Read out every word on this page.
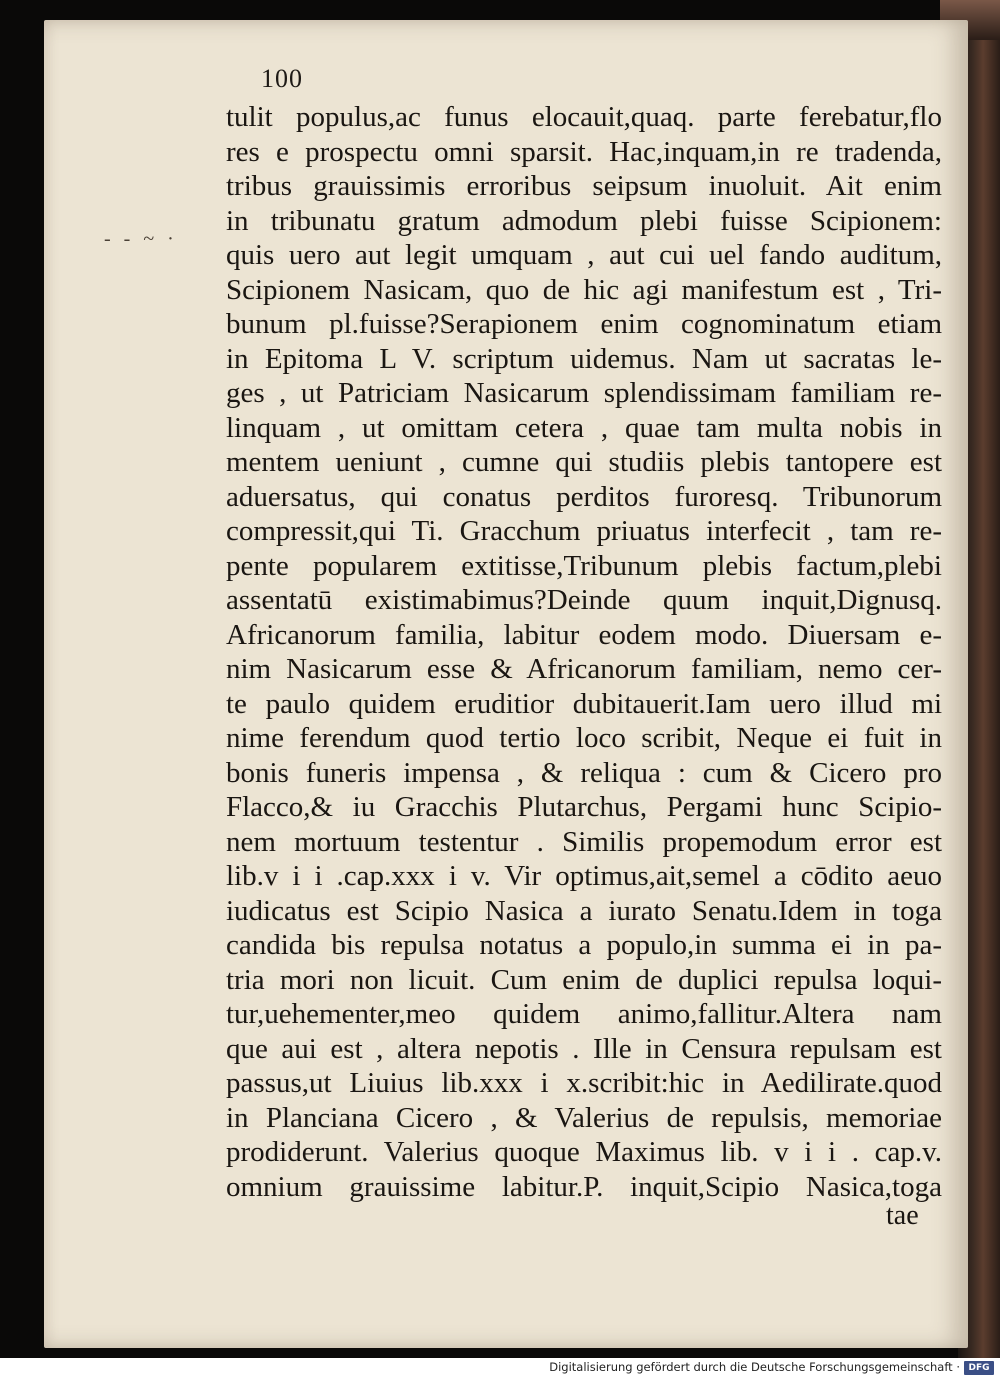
100
- - ~ ·
tulit populus,ac funus elocauit,quaq. parte ferebatur,flo
res e prospectu omni sparsit. Hac,inquam,in re tradenda,
tribus grauissimis erroribus seipsum inuoluit. Ait enim
in tribunatu gratum admodum plebi fuisse Scipionem:
quis uero aut legit umquam , aut cui uel fando auditum,
Scipionem Nasicam, quo de hic agi manifestum est , Tri-
bunum pl.fuisse?Serapionem enim cognominatum etiam
in Epitoma L V. scriptum uidemus. Nam ut sacratas le-
ges , ut Patriciam Nasicarum splendissimam familiam re-
linquam , ut omittam cetera , quae tam multa nobis in
mentem ueniunt , cumne qui studiis plebis tantopere est
aduersatus, qui conatus perditos furoresq. Tribunorum
compressit,qui Ti. Gracchum priuatus interfecit , tam re-
pente popularem extitisse,Tribunum plebis factum,plebi
assentatū existimabimus?Deinde quum inquit,Dignusq.
Africanorum familia, labitur eodem modo. Diuersam e-
nim Nasicarum esse & Africanorum familiam, nemo cer-
te paulo quidem eruditior dubitauerit.Iam uero illud mi
nime ferendum quod tertio loco scribit, Neque ei fuit in
bonis funeris impensa , & reliqua : cum & Cicero pro
Flacco,& iu Gracchis Plutarchus, Pergami hunc Scipio-
nem mortuum testentur . Similis propemodum error est
lib.v i i .cap.xxx i v. Vir optimus,ait,semel a cōdito aeuo
iudicatus est Scipio Nasica a iurato Senatu.Idem in toga
candida bis repulsa notatus a populo,in summa ei in pa-
tria mori non licuit. Cum enim de duplici repulsa loqui-
tur,uehementer,meo quidem animo,fallitur.Altera nam
que aui est , altera nepotis . Ille in Censura repulsam est
passus,ut Liuius lib.xxx i x.scribit:hic in Aedilirate.quod
in Planciana Cicero , & Valerius de repulsis, memoriae
prodiderunt. Valerius quoque Maximus lib. v i i . cap.v.
omnium grauissime labitur.P. inquit,Scipio Nasica,toga
tae
Digitalisierung gefördert durch die Deutsche Forschungsgemeinschaft · DFG
